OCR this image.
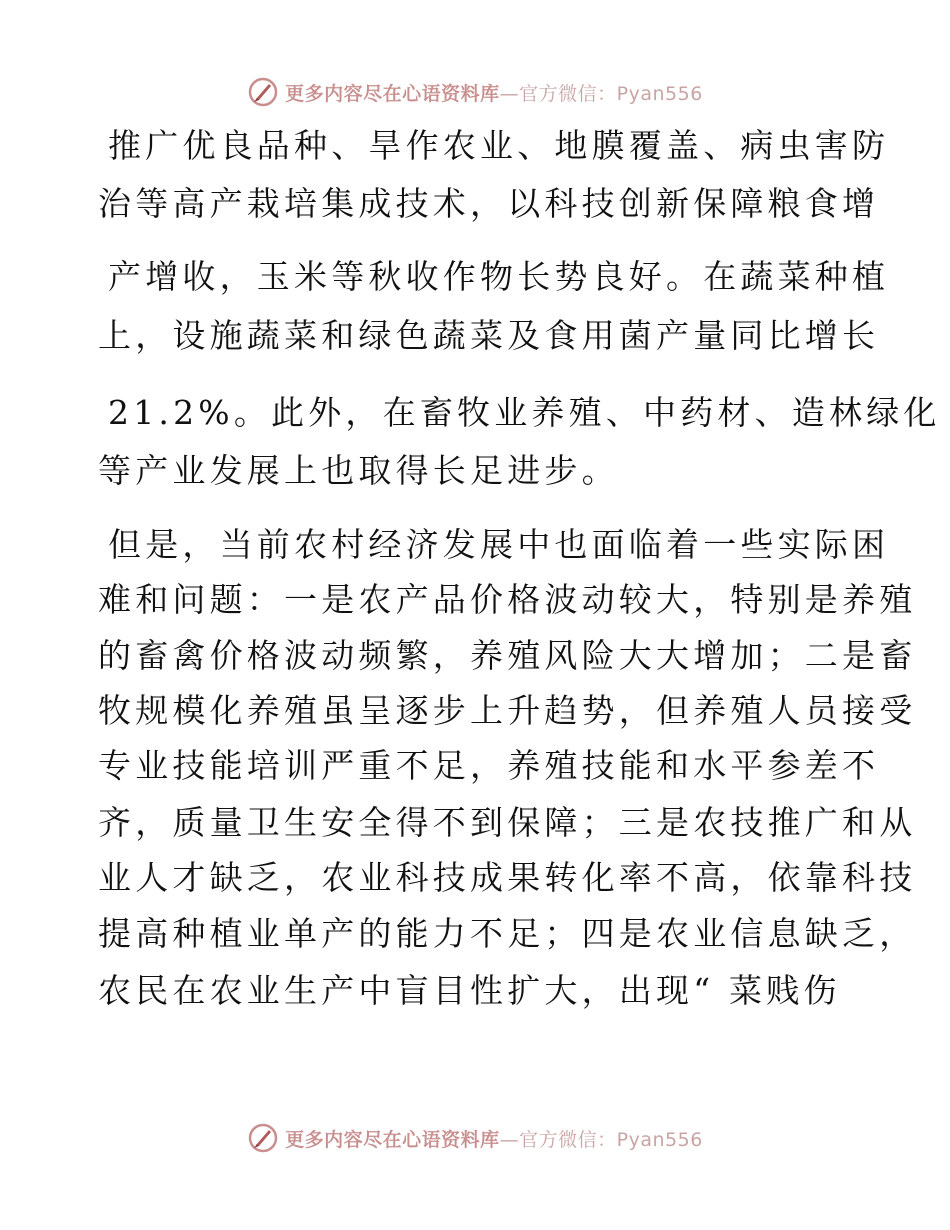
更多内容尽在心语资料库—官方微信：Pyan556
推广优良品种、旱作农业、地膜覆盖、病虫害防
治等高产栽培集成技术，以科技创新保障粮食增
产增收，玉米等秋收作物长势良好。在蔬菜种植
上，设施蔬菜和绿色蔬菜及食用菌产量同比增长
21.2%。此外，在畜牧业养殖、中药材、造林绿化
等产业发展上也取得长足进步。
但是，当前农村经济发展中也面临着一些实际困
难和问题：一是农产品价格波动较大，特别是养殖
的畜禽价格波动频繁，养殖风险大大增加；二是畜
牧规模化养殖虽呈逐步上升趋势，但养殖人员接受
专业技能培训严重不足，养殖技能和水平参差不
齐，质量卫生安全得不到保障；三是农技推广和从
业人才缺乏，农业科技成果转化率不高，依靠科技
提高种植业单产的能力不足；四是农业信息缺乏，
农民在农业生产中盲目性扩大，出现“ 菜贱伤
更多内容尽在心语资料库—官方微信：Pyan556
